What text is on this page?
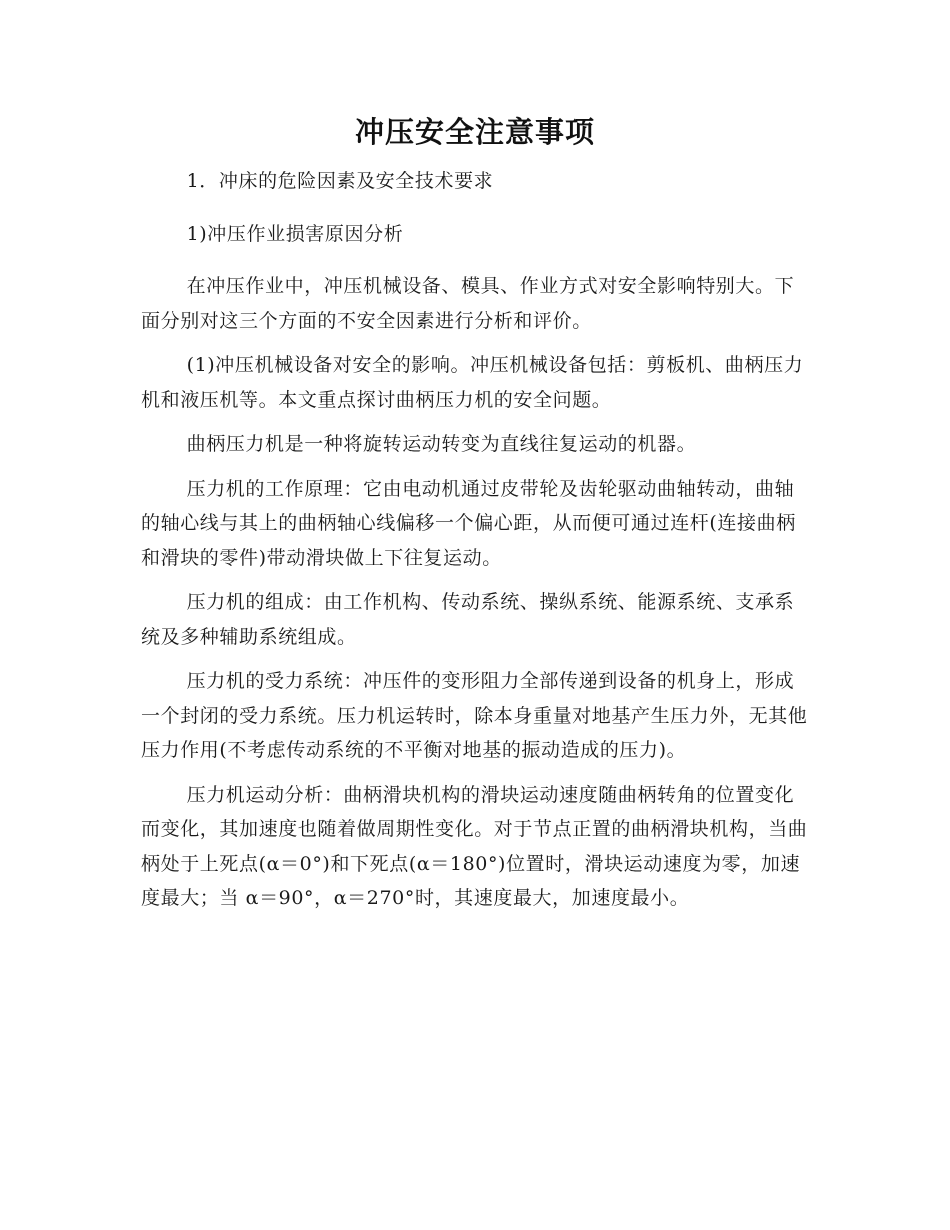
冲压安全注意事项

1．冲床的危险因素及安全技术要求

1)冲压作业损害原因分析

在冲压作业中，冲压机械设备、模具、作业方式对安全影响特别大。下面分别对这三个方面的不安全因素进行分析和评价。

(1)冲压机械设备对安全的影响。冲压机械设备包括：剪板机、曲柄压力机和液压机等。本文重点探讨曲柄压力机的安全问题。

曲柄压力机是一种将旋转运动转变为直线往复运动的机器。

压力机的工作原理：它由电动机通过皮带轮及齿轮驱动曲轴转动，曲轴的轴心线与其上的曲柄轴心线偏移一个偏心距，从而便可通过连杆(连接曲柄和滑块的零件)带动滑块做上下往复运动。

压力机的组成：由工作机构、传动系统、操纵系统、能源系统、支承系统及多种辅助系统组成。

压力机的受力系统：冲压件的变形阻力全部传递到设备的机身上，形成一个封闭的受力系统。压力机运转时，除本身重量对地基产生压力外，无其他压力作用(不考虑传动系统的不平衡对地基的振动造成的压力)。

压力机运动分析：曲柄滑块机构的滑块运动速度随曲柄转角的位置变化而变化，其加速度也随着做周期性变化。对于节点正置的曲柄滑块机构，当曲柄处于上死点(α＝0°)和下死点(α＝180°)位置时，滑块运动速度为零，加速度最大；当 α＝90°，α＝270°时，其速度最大，加速度最小。
